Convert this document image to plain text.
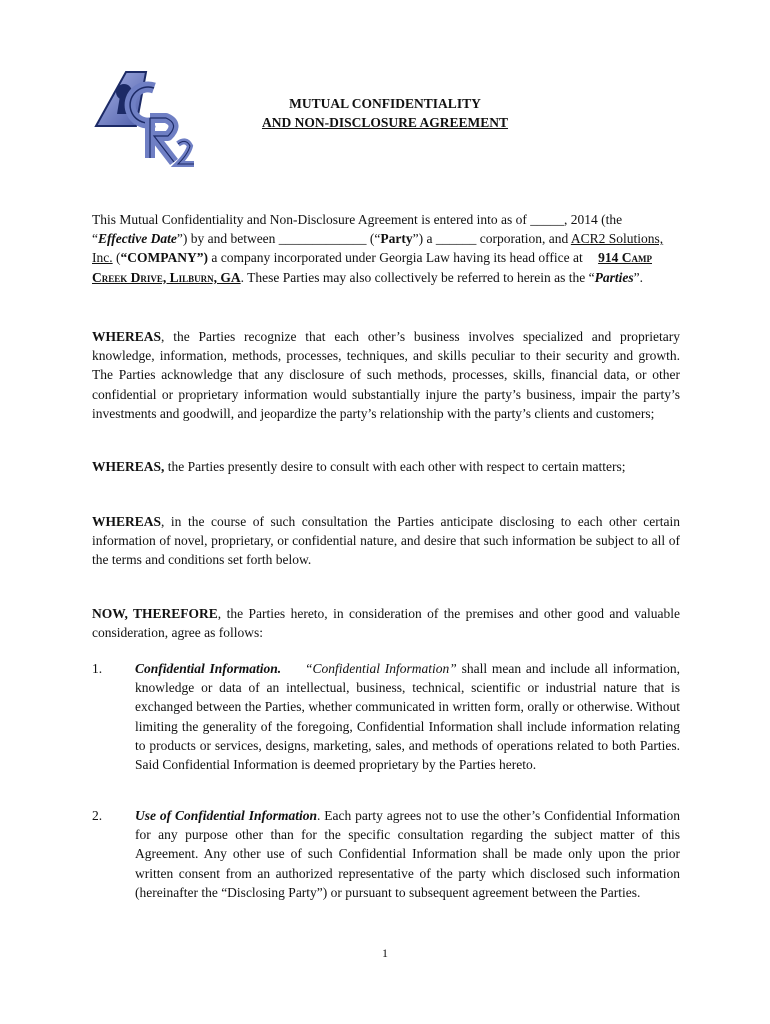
MUTUAL CONFIDENTIALITY
AND NON-DISCLOSURE AGREEMENT

This Mutual Confidentiality and Non-Disclosure Agreement is entered into as of _____, 2014 (the “Effective Date”) by and between _____________ (“Party”) a ______ corporation, and ACR2 Solutions, Inc. (“COMPANY”) a company incorporated under Georgia Law having its head office at 914 Camp Creek Drive, Lilburn, GA. These Parties may also collectively be referred to herein as the “Parties”.

WHEREAS, the Parties recognize that each other’s business involves specialized and proprietary knowledge, information, methods, processes, techniques, and skills peculiar to their security and growth. The Parties acknowledge that any disclosure of such methods, processes, skills, financial data, or other confidential or proprietary information would substantially injure the party’s business, impair the party’s investments and goodwill, and jeopardize the party’s relationship with the party’s clients and customers;

WHEREAS, the Parties presently desire to consult with each other with respect to certain matters;

WHEREAS, in the course of such consultation the Parties anticipate disclosing to each other certain information of novel, proprietary, or confidential nature, and desire that such information be subject to all of the terms and conditions set forth below.

NOW, THEREFORE, the Parties hereto, in consideration of the premises and other good and valuable consideration, agree as follows:

1. Confidential Information. “Confidential Information” shall mean and include all information, knowledge or data of an intellectual, business, technical, scientific or industrial nature that is exchanged between the Parties, whether communicated in written form, orally or otherwise. Without limiting the generality of the foregoing, Confidential Information shall include information relating to products or services, designs, marketing, sales, and methods of operations related to both Parties. Said Confidential Information is deemed proprietary by the Parties hereto.
2. Use of Confidential Information. Each party agrees not to use the other’s Confidential Information for any purpose other than for the specific consultation regarding the subject matter of this Agreement. Any other use of such Confidential Information shall be made only upon the prior written consent from an authorized representative of the party which disclosed such information (hereinafter the “Disclosing Party”) or pursuant to subsequent agreement between the Parties.
1
